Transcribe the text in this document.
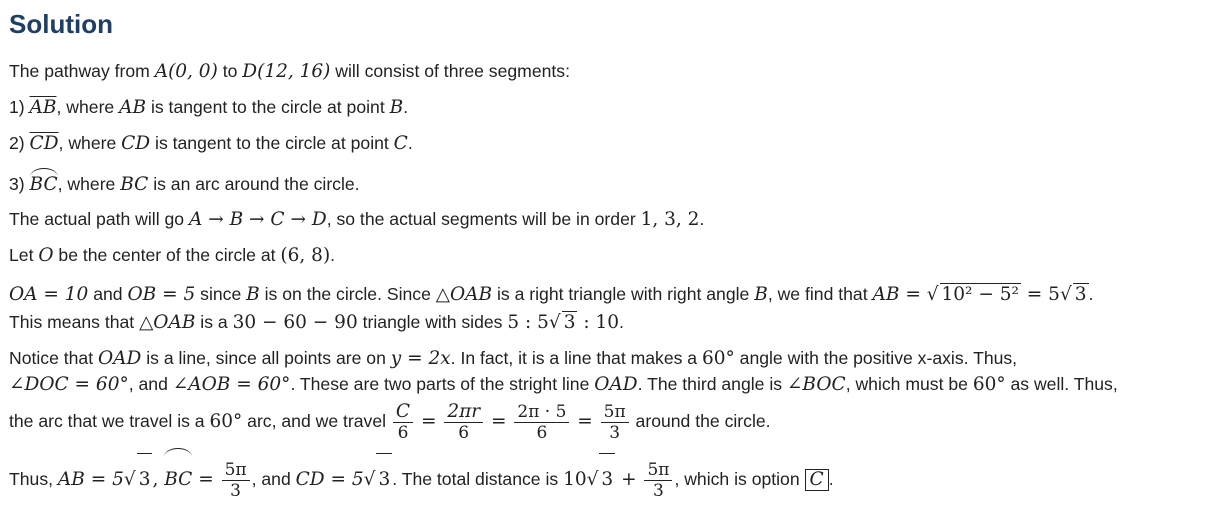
Solution
The pathway from A(0, 0) to D(12, 16) will consist of three segments:
1) $\overline{AB}$, where AB is tangent to the circle at point B.
2) $\overline{CD}$, where CD is tangent to the circle at point C.
3) BC, where BC is an arc around the circle.
The actual path will go A → B → C → D, so the actual segments will be in order 1, 3, 2.
Let O be the center of the circle at (6, 8).
OA = 10 and OB = 5 since B is on the circle. Since △OAB is a right triangle with right angle B, we find that AB = √ 10² − 5² = 5√ 3 .
This means that △OAB is a 30 − 60 − 90 triangle with sides 5 : 5√ 3 : 10.
Notice that OAD is a line, since all points are on y = 2x. In fact, it is a line that makes a 60° angle with the positive x-axis. Thus,
∠DOC = 60°, and ∠AOB = 60°. These are two parts of the stright line OAD. The third angle is ∠BOC, which must be 60° as well. Thus,
the arc that we travel is a 60° arc, and we travel $\frac{C}{6} = \frac{2\pi r}{6} = \frac{2\pi \cdot 5}{6} = \frac{5\pi}{3}$ around the circle.
Thus, AB = 5√ 3 , BC = $\frac{5\pi}{3}$ , and CD = 5√ 3 . The total distance is 10√ $3 + \frac{5\pi}{3}$ , which is option C .
